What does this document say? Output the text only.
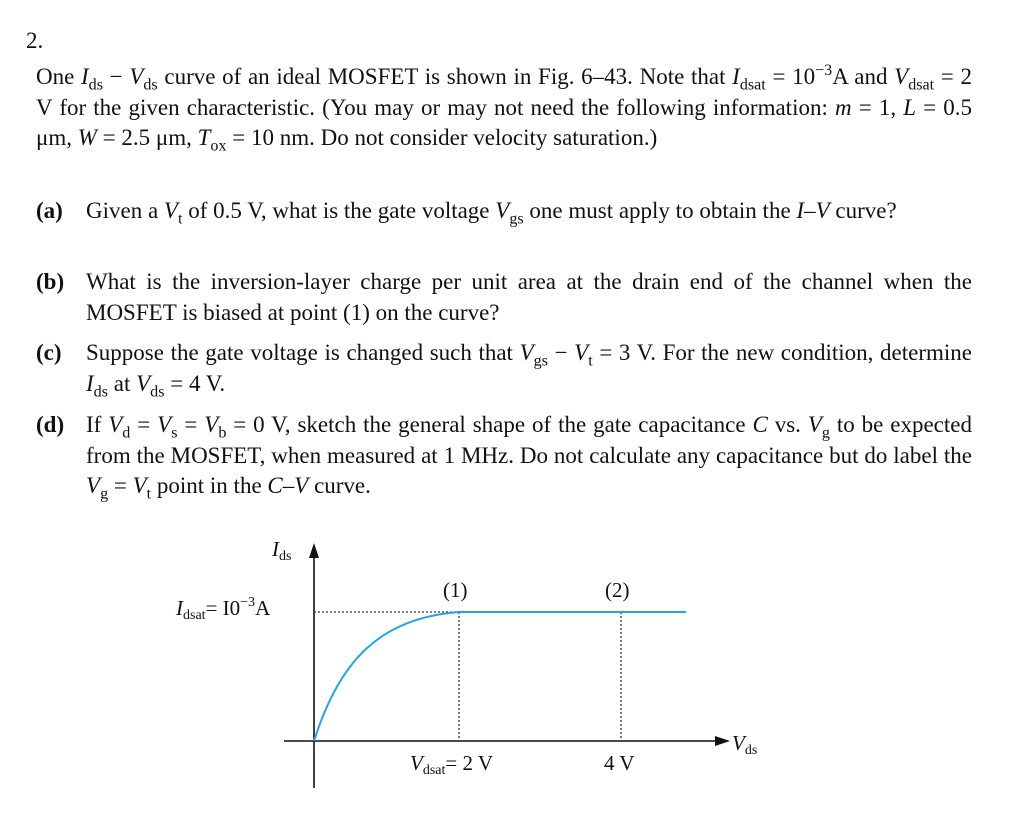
2.
One $I_{ds} - V_{ds}$ curve of an ideal MOSFET is shown in Fig. 6–43. Note that $I_{dsat} = 10^{-3}A$ and $V_{dsat} = 2$ V for the given characteristic. (You may or may not need the following information: m = 1, L = 0.5 μm, W = 2.5 μm, $T_{ox} = 10$ nm. Do not consider velocity saturation.)
(a) Given a $V_t$ of 0.5 V, what is the gate voltage $V_{gs}$ one must apply to obtain the I–V curve?
(b) What is the inversion-layer charge per unit area at the drain end of the channel when the MOSFET is biased at point (1) on the curve?
(c) Suppose the gate voltage is changed such that $V_{gs} - V_t = 3$ V. For the new condition, determine $I_{ds}$ at $V_{ds} = 4$ V.
(d) If $V_d = V_s = V_b = 0$ V, sketch the general shape of the gate capacitance C vs. $V_g$ to be expected from the MOSFET, when measured at 1 MHz. Do not calculate any capacitance but do label the $V_g = V_t$ point in the C–V curve.
Ids
Vds
Idsat= $I0^{-3}A$
(1)	(2)
Vdsat= 2 V	4 V
